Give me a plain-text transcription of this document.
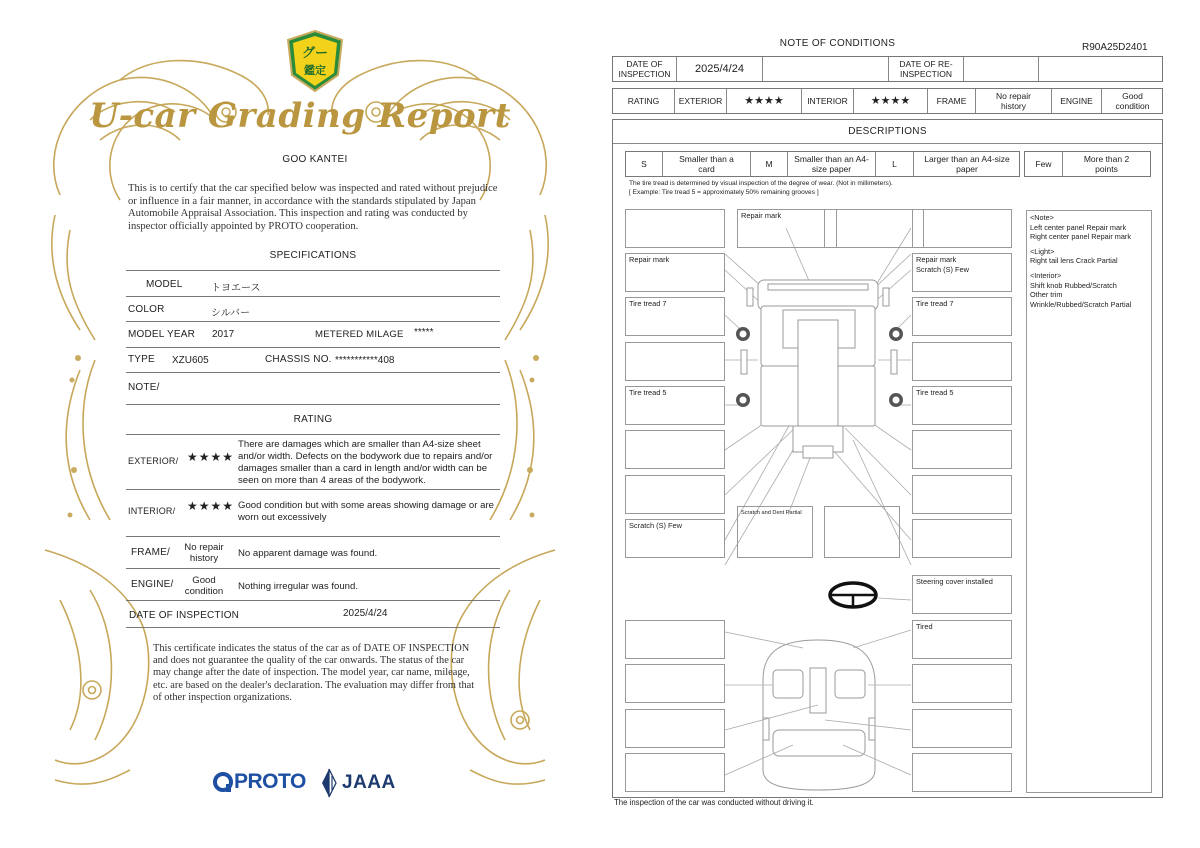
グー
鑑定
U-car Grading Report
GOO KANTEI
This is to certify that the car specified below was inspected and rated without prejudice or influence in a fair manner, in accordance with the standards stipulated by Japan Automobile Appraisal Association. This inspection and rating was conducted by inspector officially appointed by PROTO cooperation.
SPECIFICATIONS
MODEL	トヨエース
COLOR	シルバー
MODEL YEAR 2017	METERED MILAGE *****
TYPE XZU605	CHASSIS NO. ***********408
NOTE/
RATING
EXTERIOR/ ★★★★
There are damages which are smaller than A4-size sheet and/or width. Defects on the bodywork due to repairs and/or damages smaller than a card in length and/or width can be seen on more than 4 areas of the bodywork.
INTERIOR/ ★★★★ Good condition but with some areas showing damage or are worn out excessively
FRAME/	No repair history	No apparent damage was found.
ENGINE/	Good condition	Nothing irregular was found.
DATE OF INSPECTION	2025/4/24
This certificate indicates the status of the car as of DATE OF INSPECTION and does not guarantee the quality of the car onwards. The status of the car may change after the date of inspection. The model year, car name, mileage, etc. are based on the dealer's declaration. The evaluation may differ from that of other inspection organizations.
PROTO JAAA
NOTE OF CONDITIONS	R90A25D2401
DATE OF INSPECTION	2025/4/24	DATE OF RE-INSPECTION
RATING	EXTERIOR	★★★★	INTERIOR	★★★★	FRAME	No repair history	ENGINE	Good condition
DESCRIPTIONS
S	Smaller than a card	M	Smaller than an A4-size paper	L	Larger than an A4-size paper	Few	More than 2 points
The tire tread is determined by visual inspection of the degree of wear. (Not in millimeters).
[ Example: Tire tread 5 = approximately 50% remaining grooves ]
Repair mark
Repair mark	Repair mark
Scratch (S) Few
Tire tread 7	Tire tread 7
Tire tread 5	Tire tread 5
Scratch (S) Few
Scratch and Dent Partial
Steering cover installed
Tired
<Note>
Left center panel Repair mark
Right center panel Repair mark
<Light>
Right tail lens Crack Partial
<Interior>
Shift knob Rubbed/Scratch
Other trim
Wrinkle/Rubbed/Scratch Partial
The inspection of the car was conducted without driving it.
